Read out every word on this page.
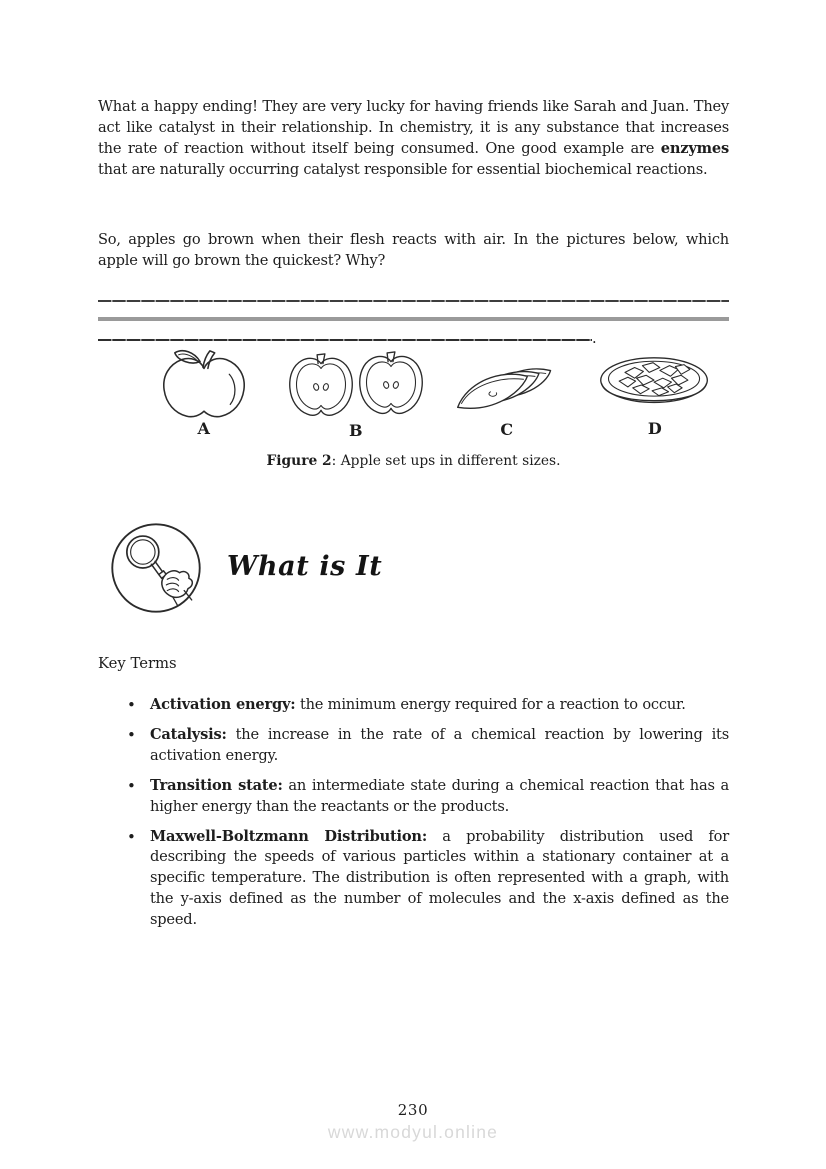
What a happy ending! They are very lucky for having friends like Sarah and Juan. They act like catalyst in their relationship. In chemistry, it is any substance that increases the rate of reaction without itself being consumed. One good example are enzymes that are naturally occurring catalyst responsible for essential biochemical reactions.

So, apples go brown when their flesh reacts with air. In the pictures below, which apple will go brown the quickest? Why?

.
A	B	C	D
Figure 2: Apple set ups in different sizes.
What is It
Key Terms
• Activation energy: the minimum energy required for a reaction to occur.
• Catalysis: the increase in the rate of a chemical reaction by lowering its activation energy.
• Transition state: an intermediate state during a chemical reaction that has a higher energy than the reactants or the products.
• Maxwell-Boltzmann Distribution: a probability distribution used for describing the speeds of various particles within a stationary container at a specific temperature. The distribution is often represented with a graph, with the y-axis defined as the number of molecules and the x-axis defined as the speed.
230
www.modyul.online
